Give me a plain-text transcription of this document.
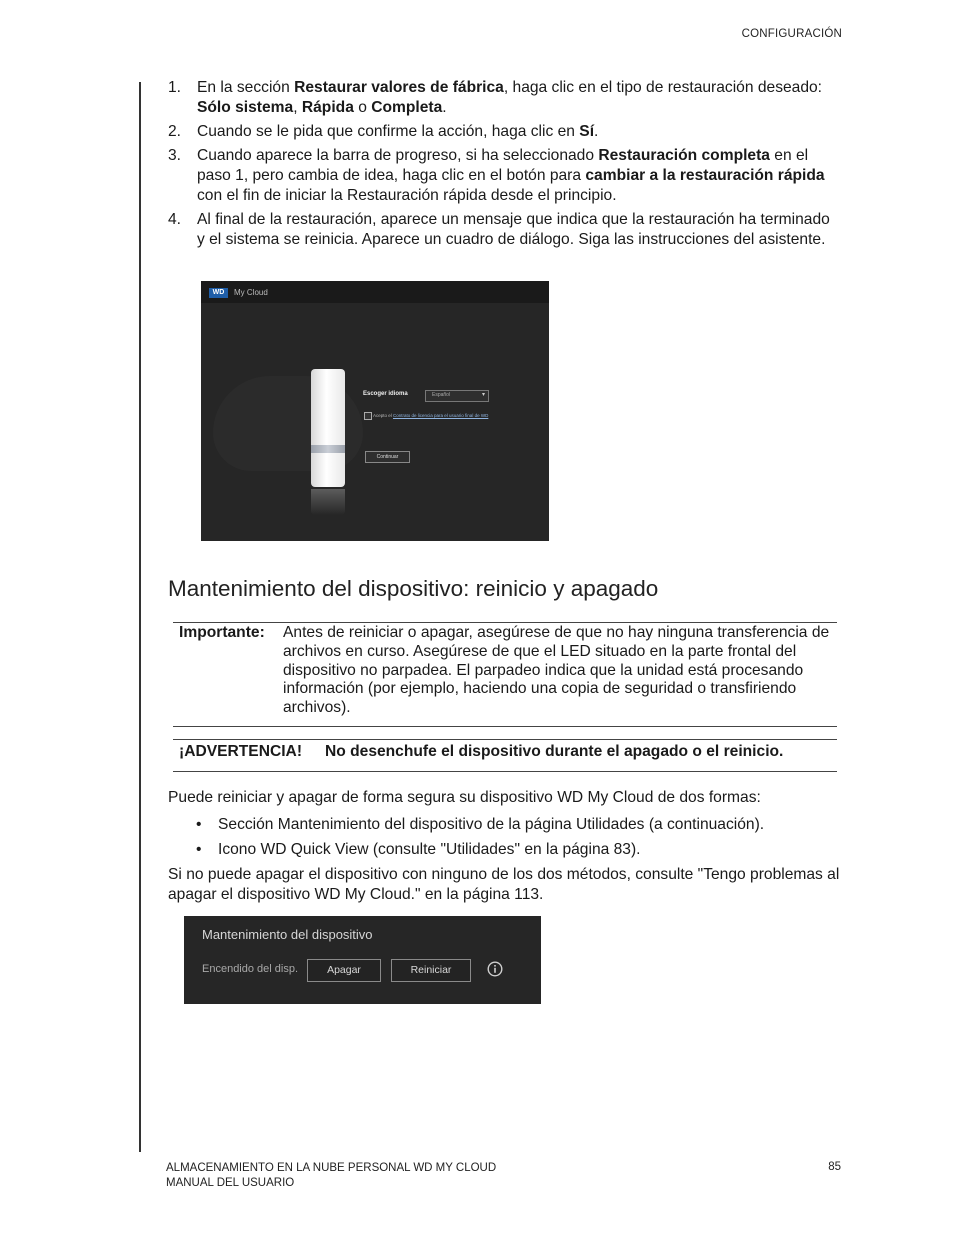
CONFIGURACIÓN
1. En la sección Restaurar valores de fábrica, haga clic en el tipo de restauración deseado: Sólo sistema, Rápida o Completa.
2. Cuando se le pida que confirme la acción, haga clic en Sí.
3. Cuando aparece la barra de progreso, si ha seleccionado Restauración completa en el paso 1, pero cambia de idea, haga clic en el botón para cambiar a la restauración rápida con el fin de iniciar la Restauración rápida desde el principio.
4. Al final de la restauración, aparece un mensaje que indica que la restauración ha terminado y el sistema se reinicia. Aparece un cuadro de diálogo. Siga las instrucciones del asistente.
WD	My Cloud
Escoger idioma	Español	▾
Acepto el Contrato de licencia para el usuario final de WD
Continuar
Mantenimiento del dispositivo: reinicio y apagado
Importante: Antes de reiniciar o apagar, asegúrese de que no hay ninguna transferencia de archivos en curso. Asegúrese de que el LED situado en la parte frontal del dispositivo no parpadea. El parpadeo indica que la unidad está procesando información (por ejemplo, haciendo una copia de seguridad o transfiriendo archivos).
¡ADVERTENCIA! No desenchufe el dispositivo durante el apagado o el reinicio.
Puede reiniciar y apagar de forma segura su dispositivo WD My Cloud de dos formas:
• Sección Mantenimiento del dispositivo de la página Utilidades (a continuación).
• Icono WD Quick View (consulte "Utilidades" en la página 83).
Si no puede apagar el dispositivo con ninguno de los dos métodos, consulte "Tengo problemas al apagar el dispositivo WD My Cloud." en la página 113.
Mantenimiento del dispositivo
Encendido del disp.	Apagar	Reiniciar
ALMACENAMIENTO EN LA NUBE PERSONAL WD MY CLOUD
MANUAL DEL USUARIO
85
